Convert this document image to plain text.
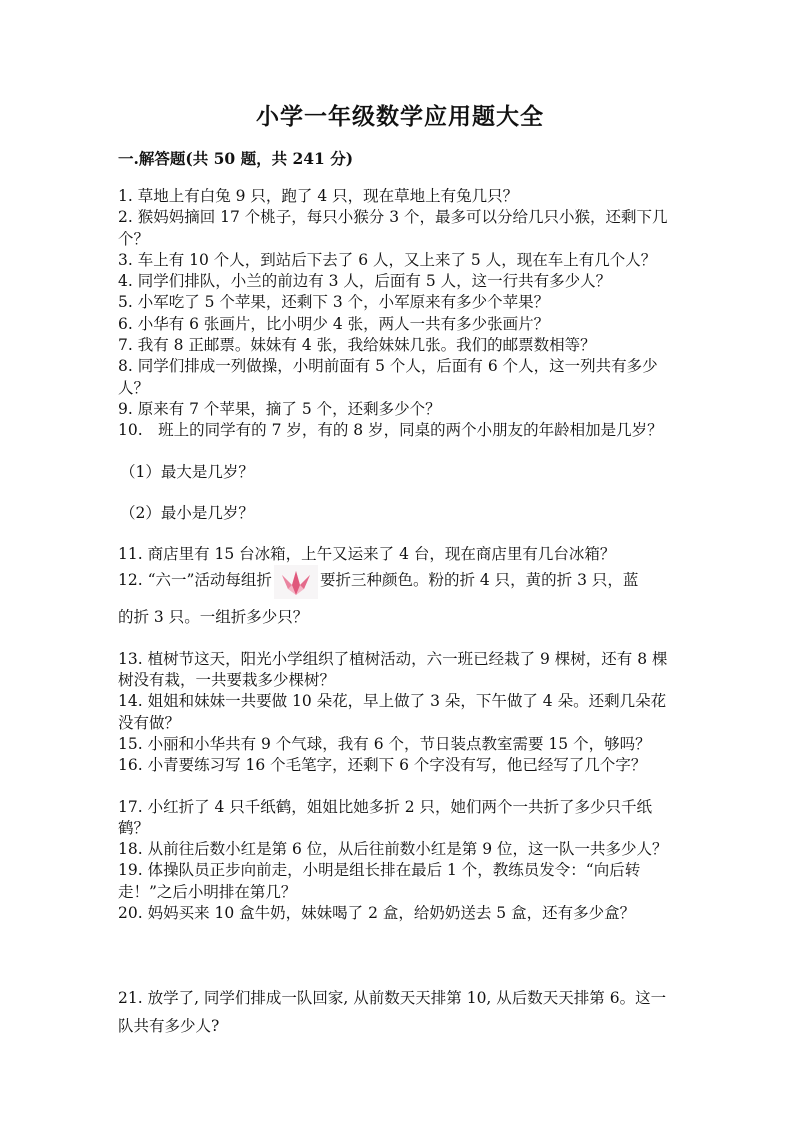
小学一年级数学应用题大全
一.解答题(共 50 题，共 241 分)

1. 草地上有白兔 9 只，跑了 4 只，现在草地上有兔几只？

2. 猴妈妈摘回 17 个桃子，每只小猴分 3 个，最多可以分给几只小猴，还剩下几

个？

3. 车上有 10 个人，到站后下去了 6 人，又上来了 5 人，现在车上有几个人？

4. 同学们排队，小兰的前边有 3 人，后面有 5 人，这一行共有多少人？

5. 小军吃了 5 个苹果，还剩下 3 个，小军原来有多少个苹果？

6. 小华有 6 张画片，比小明少 4 张，两人一共有多少张画片？

7. 我有 8 正邮票。妹妹有 4 张，我给妹妹几张。我们的邮票数相等？

8. 同学们排成一列做操，小明前面有 5 个人，后面有 6 个人，这一列共有多少

人？

9. 原来有 7 个苹果，摘了 5 个，还剩多少个？

10.　班上的同学有的 7 岁，有的 8 岁，同桌的两个小朋友的年龄相加是几岁？

（1）最大是几岁？

（2）最小是几岁？

11. 商店里有 15 台冰箱，上午又运来了 4 台，现在商店里有几台冰箱？

12. “六一”活动每组折	要折三种颜色。粉的折 4 只，黄的折 3 只，蓝

的折 3 只。一组折多少只？

13. 植树节这天，阳光小学组织了植树活动，六一班已经栽了 9 棵树，还有 8 棵

树没有栽，一共要栽多少棵树？

14. 姐姐和妹妹一共要做 10 朵花，早上做了 3 朵，下午做了 4 朵。还剩几朵花

没有做？

15. 小丽和小华共有 9 个气球，我有 6 个，节日装点教室需要 15 个，够吗？

16. 小青要练习写 16 个毛笔字，还剩下 6 个字没有写，他已经写了几个字？

17. 小红折了 4 只千纸鹤，姐姐比她多折 2 只，她们两个一共折了多少只千纸

鹤？

18. 从前往后数小红是第 6 位，从后往前数小红是第 9 位，这一队一共多少人？

19. 体操队员正步向前走，小明是组长排在最后 1 个，教练员发令：“向后转

走！”之后小明排在第几？

20. 妈妈买来 10 盒牛奶，妹妹喝了 2 盒，给奶奶送去 5 盒，还有多少盒？

21. 放学了, 同学们排成一队回家, 从前数天天排第 10, 从后数天天排第 6。这一

队共有多少人?
